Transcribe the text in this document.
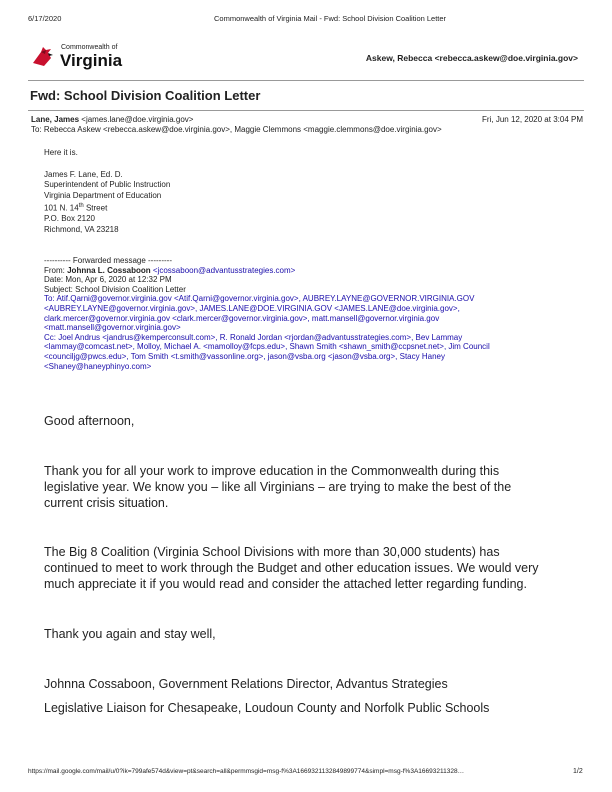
6/17/2020	Commonwealth of Virginia Mail - Fwd: School Division Coalition Letter
Commonwealth of
Virginia	Askew, Rebecca <rebecca.askew@doe.virginia.gov>
Fwd: School Division Coalition Letter
Lane, James <james.lane@doe.virginia.gov>	Fri, Jun 12, 2020 at 3:04 PM
To: Rebecca Askew <rebecca.askew@doe.virginia.gov>, Maggie Clemmons <maggie.clemmons@doe.virginia.gov>
Here it is.
James F. Lane, Ed. D.
Superintendent of Public Instruction
Virginia Department of Education
101 N. 14th Street
P.O. Box 2120
Richmond, VA 23218
---------- Forwarded message ---------
From: Johnna L. Cossaboon <jcossaboon@advantusstrategies.com>
Date: Mon, Apr 6, 2020 at 12:32 PM
Subject: School Division Coalition Letter
To: Atif.Qarni@governor.virginia.gov <Atif.Qarni@governor.virginia.gov>, AUBREY.LAYNE@GOVERNOR.VIRGINIA.GOV
<AUBREY.LAYNE@governor.virginia.gov>, JAMES.LANE@DOE.VIRGINIA.GOV <JAMES.LANE@doe.virginia.gov>,
clark.mercer@governor.virginia.gov <clark.mercer@governor.virginia.gov>, matt.mansell@governor.virginia.gov
<matt.mansell@governor.virginia.gov>
Cc: Joel Andrus <jandrus@kemperconsult.com>, R. Ronald Jordan <rjordan@advantusstrategies.com>, Bev Lammay
<lammay@comcast.net>, Molloy, Michael A. <mamolloy@fcps.edu>, Shawn Smith <shawn_smith@ccpsnet.net>, Jim Council
<counciljg@pwcs.edu>, Tom Smith <t.smith@vassonline.org>, jason@vsba.org <jason@vsba.org>, Stacy Haney
<Shaney@haneyphinyo.com>
Good afternoon,
Thank you for all your work to improve education in the Commonwealth during this
legislative year. We know you – like all Virginians – are trying to make the best of the
current crisis situation.
The Big 8 Coalition (Virginia School Divisions with more than 30,000 students) has
continued to meet to work through the Budget and other education issues. We would very
much appreciate it if you would read and consider the attached letter regarding funding.
Thank you again and stay well,
Johnna Cossaboon, Government Relations Director, Advantus Strategies
Legislative Liaison for Chesapeake, Loudoun County and Norfolk Public Schools
https://mail.google.com/mail/u/0?ik=799afe574d&view=pt&search=all&permmsgid=msg-f%3A1669321132849899774&simpl=msg-f%3A16693211328…	1/2
